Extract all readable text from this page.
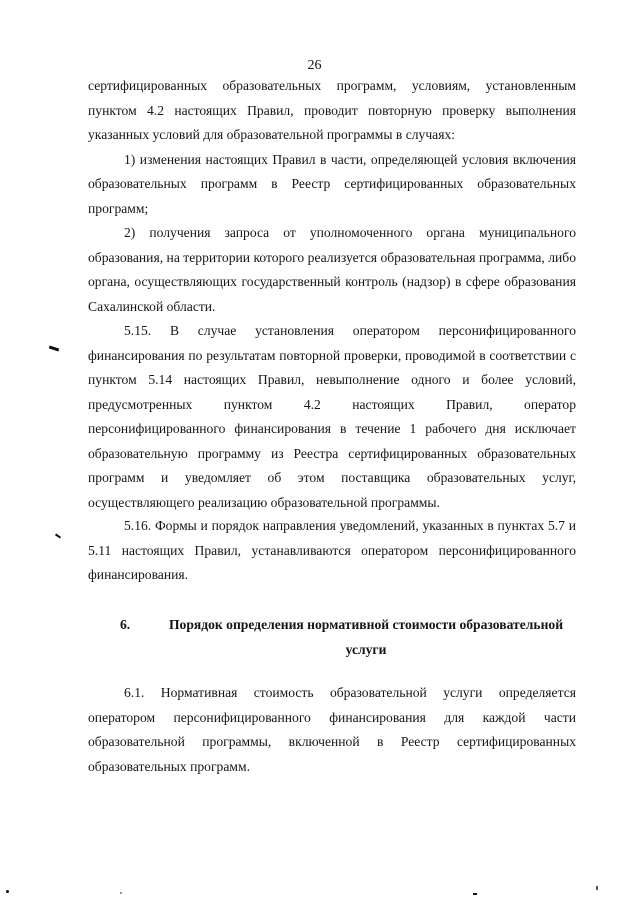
26

сертифицированных образовательных программ, условиям, установленным пунктом 4.2 настоящих Правил, проводит повторную проверку выполнения указанных условий для образовательной программы в случаях:

1) изменения настоящих Правил в части, определяющей условия включения образовательных программ в Реестр сертифицированных образовательных программ;

2) получения запроса от уполномоченного органа муниципального образования, на территории которого реализуется образовательная программа, либо органа, осуществляющих государственный контроль (надзор) в сфере образования Сахалинской области.

5.15. В случае установления оператором персонифицированного финансирования по результатам повторной проверки, проводимой в соответствии с пунктом 5.14 настоящих Правил, невыполнение одного и более условий, предусмотренных пунктом 4.2 настоящих Правил, оператор персонифицированного финансирования в течение 1 рабочего дня исключает образовательную программу из Реестра сертифицированных образовательных программ и уведомляет об этом поставщика образовательных услуг, осуществляющего реализацию образовательной программы.

5.16. Формы и порядок направления уведомлений, указанных в пунктах 5.7 и 5.11 настоящих Правил, устанавливаются оператором персонифицированного финансирования.

6.	Порядок определения нормативной стоимости образовательной услуги

6.1. Нормативная стоимость образовательной услуги определяется оператором персонифицированного финансирования для каждой части образовательной программы, включенной в Реестр сертифицированных образовательных программ.
